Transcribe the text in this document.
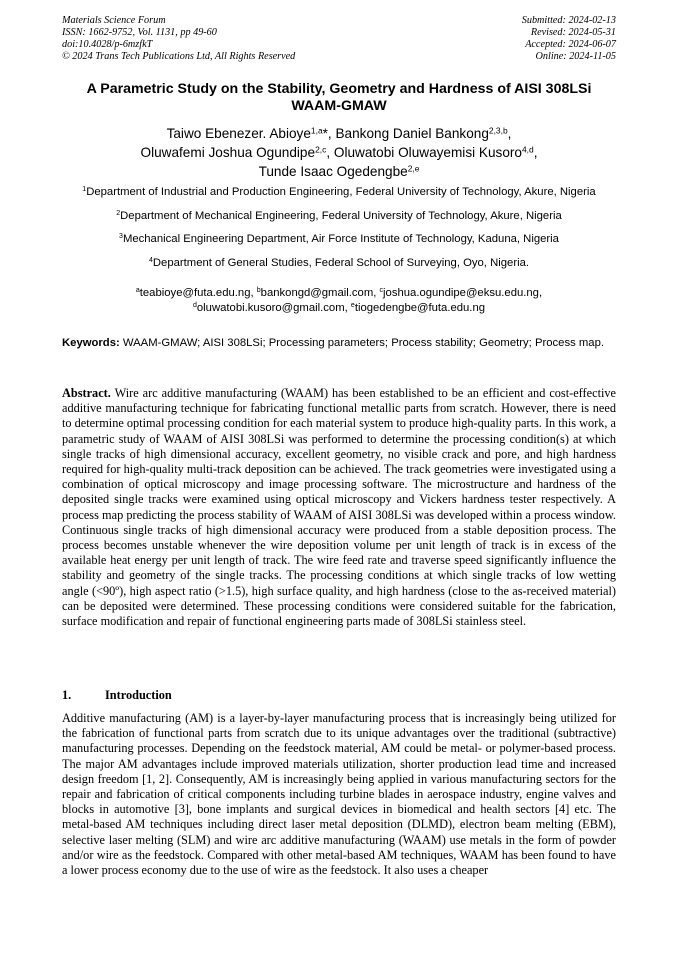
Materials Science Forum
ISSN: 1662-9752, Vol. 1131, pp 49-60
doi:10.4028/p-6mzfkT
© 2024 Trans Tech Publications Ltd, All Rights Reserved
Submitted: 2024-02-13
Revised: 2024-05-31
Accepted: 2024-06-07
Online: 2024-11-05
A Parametric Study on the Stability, Geometry and Hardness of AISI 308LSi WAAM-GMAW
Taiwo Ebenezer. Abioye$^{1,a}$*, Bankong Daniel Bankong$^{2,3,b}$,
Oluwafemi Joshua Ogundipe$^{2,c}$, Oluwatobi Oluwayemisi Kusoro$^{4,d}$,
Tunde Isaac Ogedengbe$^{2,e}$

$^1$Department of Industrial and Production Engineering, Federal University of Technology, Akure, Nigeria

$^2$Department of Mechanical Engineering, Federal University of Technology, Akure, Nigeria

$^3$Mechanical Engineering Department, Air Force Institute of Technology, Kaduna, Nigeria

$^4$Department of General Studies, Federal School of Surveying, Oyo, Nigeria.

$^a$teabioye@futa.edu.ng, $^b$bankongd@gmail.com, $^c$joshua.ogundipe@eksu.edu.ng,
$^d$oluwatobi.kusoro@gmail.com, $^e$tiogedengbe@futa.edu.ng
Keywords: WAAM-GMAW; AISI 308LSi; Processing parameters; Process stability; Geometry; Process map.
Abstract. Wire arc additive manufacturing (WAAM) has been established to be an efficient and cost-effective additive manufacturing technique for fabricating functional metallic parts from scratch. However, there is need to determine optimal processing condition for each material system to produce high-quality parts. In this work, a parametric study of WAAM of AISI 308LSi was performed to determine the processing condition(s) at which single tracks of high dimensional accuracy, excellent geometry, no visible crack and pore, and high hardness required for high-quality multi-track deposition can be achieved. The track geometries were investigated using a combination of optical microscopy and image processing software. The microstructure and hardness of the deposited single tracks were examined using optical microscopy and Vickers hardness tester respectively. A process map predicting the process stability of WAAM of AISI 308LSi was developed within a process window. Continuous single tracks of high dimensional accuracy were produced from a stable deposition process. The process becomes unstable whenever the wire deposition volume per unit length of track is in excess of the available heat energy per unit length of track. The wire feed rate and traverse speed significantly influence the stability and geometry of the single tracks. The processing conditions at which single tracks of low wetting angle (<90º), high aspect ratio (>1.5), high surface quality, and high hardness (close to the as-received material) can be deposited were determined. These processing conditions were considered suitable for the fabrication, surface modification and repair of functional engineering parts made of 308LSi stainless steel.
1.	Introduction
Additive manufacturing (AM) is a layer-by-layer manufacturing process that is increasingly being utilized for the fabrication of functional parts from scratch due to its unique advantages over the traditional (subtractive) manufacturing processes. Depending on the feedstock material, AM could be metal- or polymer-based process. The major AM advantages include improved materials utilization, shorter production lead time and increased design freedom [1, 2]. Consequently, AM is increasingly being applied in various manufacturing sectors for the repair and fabrication of critical components including turbine blades in aerospace industry, engine valves and blocks in automotive [3], bone implants and surgical devices in biomedical and health sectors [4] etc. The metal-based AM techniques including direct laser metal deposition (DLMD), electron beam melting (EBM), selective laser melting (SLM) and wire arc additive manufacturing (WAAM) use metals in the form of powder and/or wire as the feedstock. Compared with other metal-based AM techniques, WAAM has been found to have a lower process economy due to the use of wire as the feedstock. It also uses a cheaper
